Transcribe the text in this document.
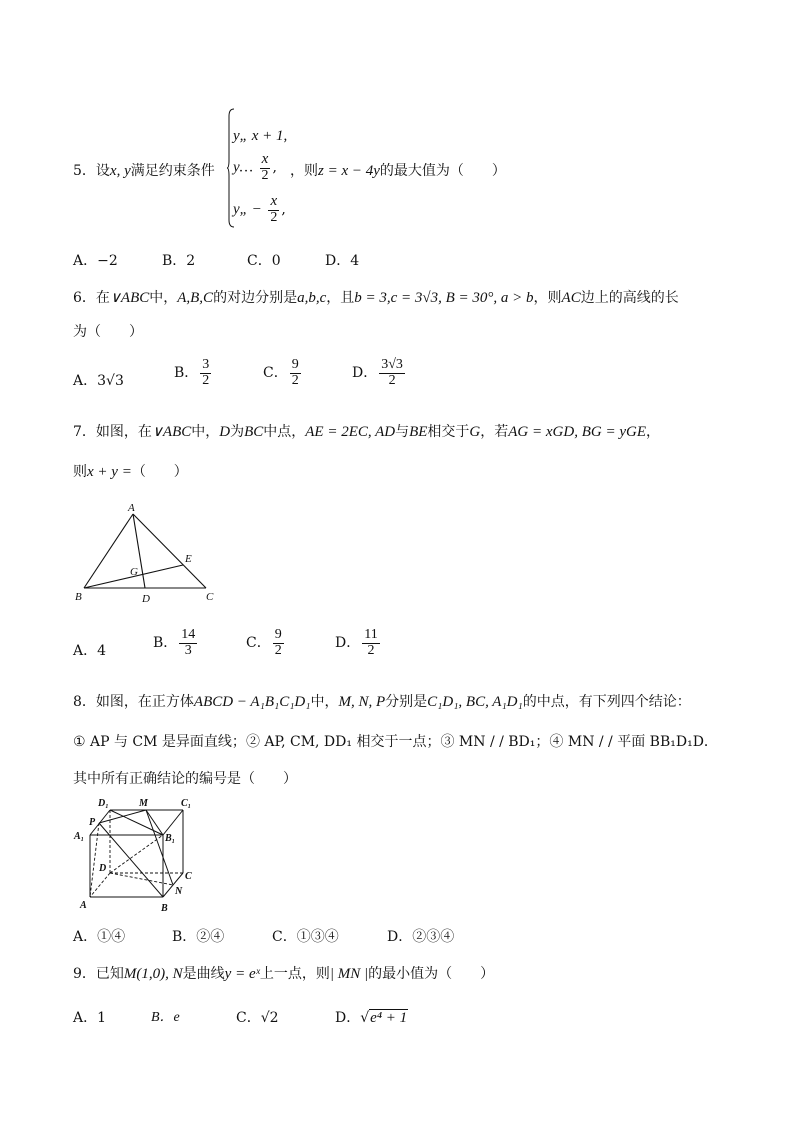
5．设x, y满足约束条件
y„ x + 1,
y… $\frac{x}{2}$ ,
y„ − $\frac{x}{2}$ ,
，则z = x − 4y的最大值为（　　）
A．−2	B．2	C．0	D．4
6．在∨ABC中，A,B,C的对边分别是a,b,c，且b = 3,c = 3√3, B = 30°, a > b，则AC边上的高线的长
为（　　）
A．3√3	B． $\frac{3}{2}$	C． $\frac{9}{2}$	D． $\frac{3√3}{2}$
7．如图，在∨ABC中，D为BC中点，AE = 2EC, AD与BE相交于G，若AG = xGD, BG = yGE，
则x + y =（　　）
A
E
G
B	D	C
A．4	B． $\frac{14}{3}$	C． $\frac{9}{2}$	D． $\frac{11}{2}$
8．如图，在正方体ABCD − A₁B₁C₁D₁中，M, N, P分别是C₁D₁, BC, A₁D₁的中点，有下列四个结论：
① AP 与 CM 是异面直线；② AP, CM, DD₁ 相交于一点；③ MN / / BD₁；④ MN / / 平面 BB₁D₁D．
其中所有正确结论的编号是（　　）
D₁	M	C₁
P
A₁	B₁
D
C
N
A	B
A．①④	B．②④	C．①③④	D．②③④
9．已知M(1,0), N是曲线y = eˣ上一点，则| MN |的最小值为（　　）
A．1	B．e	C．√2	D．√e⁴ + 1
